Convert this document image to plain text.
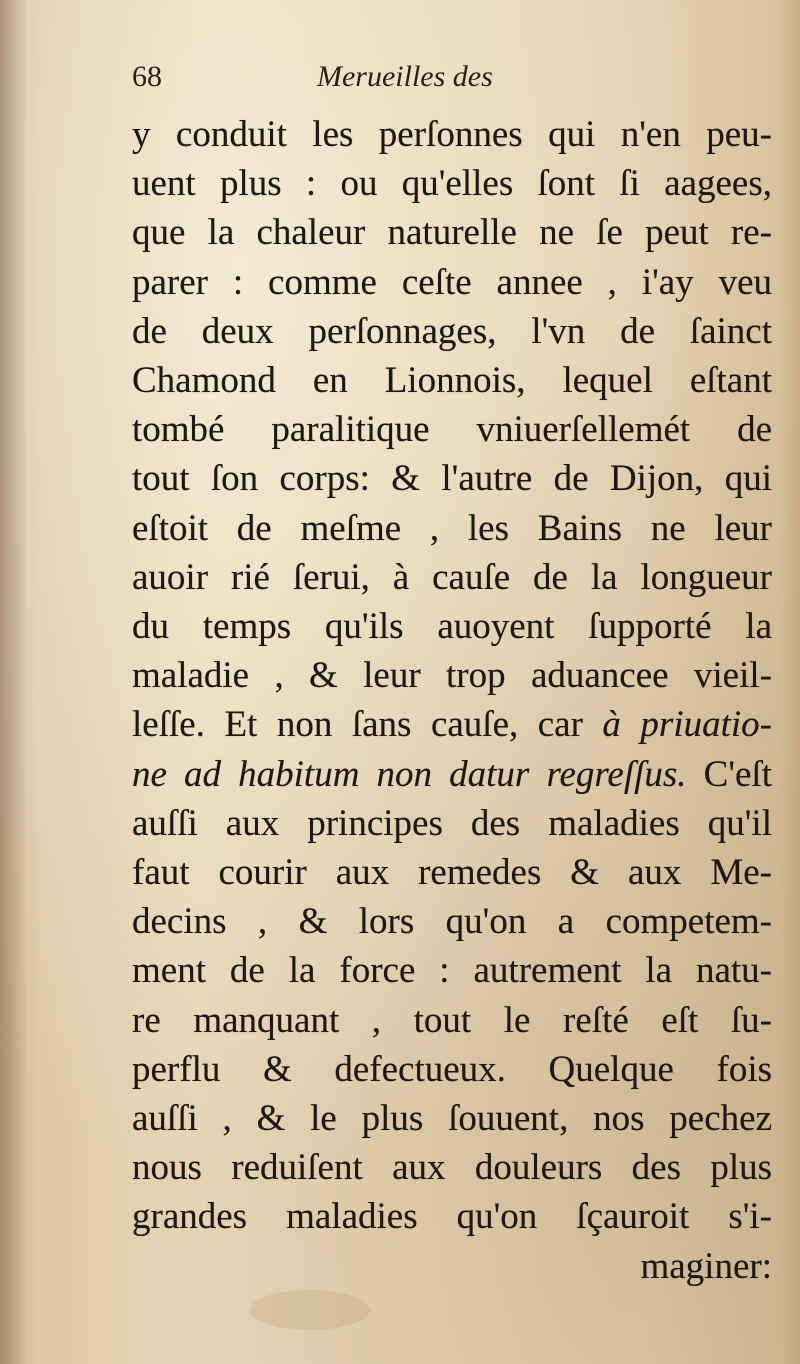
68	Merueilles des
y conduit les perſonnes qui n'en peu-
uent plus : ou qu'elles ſont ſi aagees,
que la chaleur naturelle ne ſe peut re-
parer : comme ceſte annee , i'ay veu
de deux perſonnages, l'vn de ſainct
Chamond en Lionnois, lequel eſtant
tombé paralitique vniuerſellemét de
tout ſon corps: & l'autre de Dijon, qui
eſtoit de meſme , les Bains ne leur
auoir rié ſerui, à cauſe de la longueur
du temps qu'ils auoyent ſupporté la
maladie , & leur trop aduancee vieil-
leſſe. Et non ſans cauſe, car à priuatio-
ne ad habitum non datur regreſſus. C'eſt
auſſi aux principes des maladies qu'il
faut courir aux remedes & aux Me-
decins , & lors qu'on a competem-
ment de la force : autrement la natu-
re manquant , tout le reſté eſt ſu-
perflu & defectueux. Quelque fois
auſſi , & le plus ſouuent, nos pechez
nous reduiſent aux douleurs des plus
grandes maladies qu'on ſçauroit s'i-
maginer:
